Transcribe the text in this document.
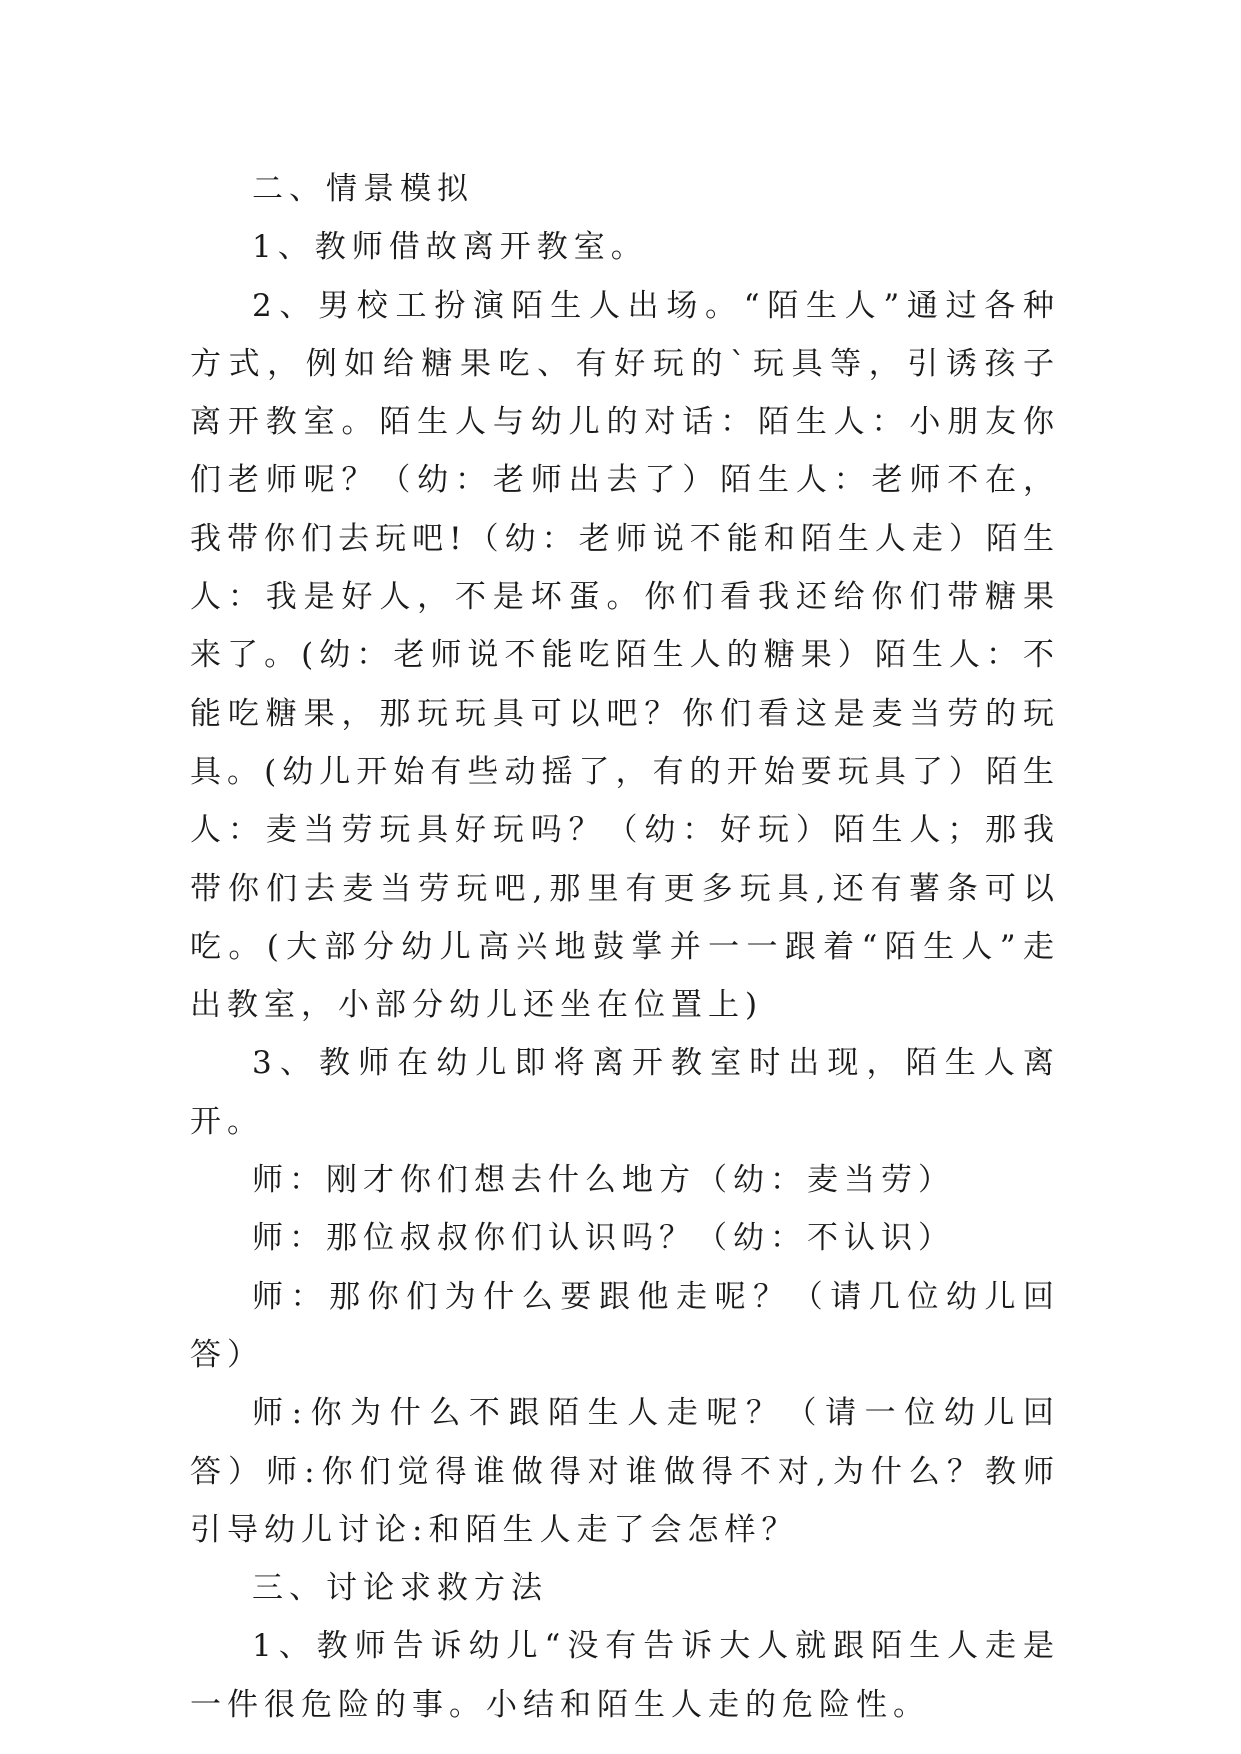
二、情景模拟

1、教师借故离开教室。

2、男校工扮演陌生人出场。“陌生人”通过各种方式，例如给糖果吃、有好玩的`玩具等，引诱孩子离开教室。陌生人与幼儿的对话：陌生人：小朋友你们老师呢？（幼：老师出去了）陌生人：老师不在，我带你们去玩吧!（幼：老师说不能和陌生人走）陌生人：我是好人，不是坏蛋。你们看我还给你们带糖果来了。(幼：老师说不能吃陌生人的糖果）陌生人：不能吃糖果，那玩玩具可以吧？你们看这是麦当劳的玩具。(幼儿开始有些动摇了，有的开始要玩具了）陌生人：麦当劳玩具好玩吗？（幼：好玩）陌生人；那我带你们去麦当劳玩吧,那里有更多玩具,还有薯条可以吃。(大部分幼儿高兴地鼓掌并一一跟着“陌生人”走出教室，小部分幼儿还坐在位置上)

3、教师在幼儿即将离开教室时出现，陌生人离开。

师：刚才你们想去什么地方（幼：麦当劳）

师：那位叔叔你们认识吗？（幼：不认识）

师：那你们为什么要跟他走呢？（请几位幼儿回答）

师:你为什么不跟陌生人走呢？（请一位幼儿回答）师:你们觉得谁做得对谁做得不对,为什么？教师引导幼儿讨论:和陌生人走了会怎样？

三、讨论求救方法

1、教师告诉幼儿“没有告诉大人就跟陌生人走是一件很危险的事。小结和陌生人走的危险性。
